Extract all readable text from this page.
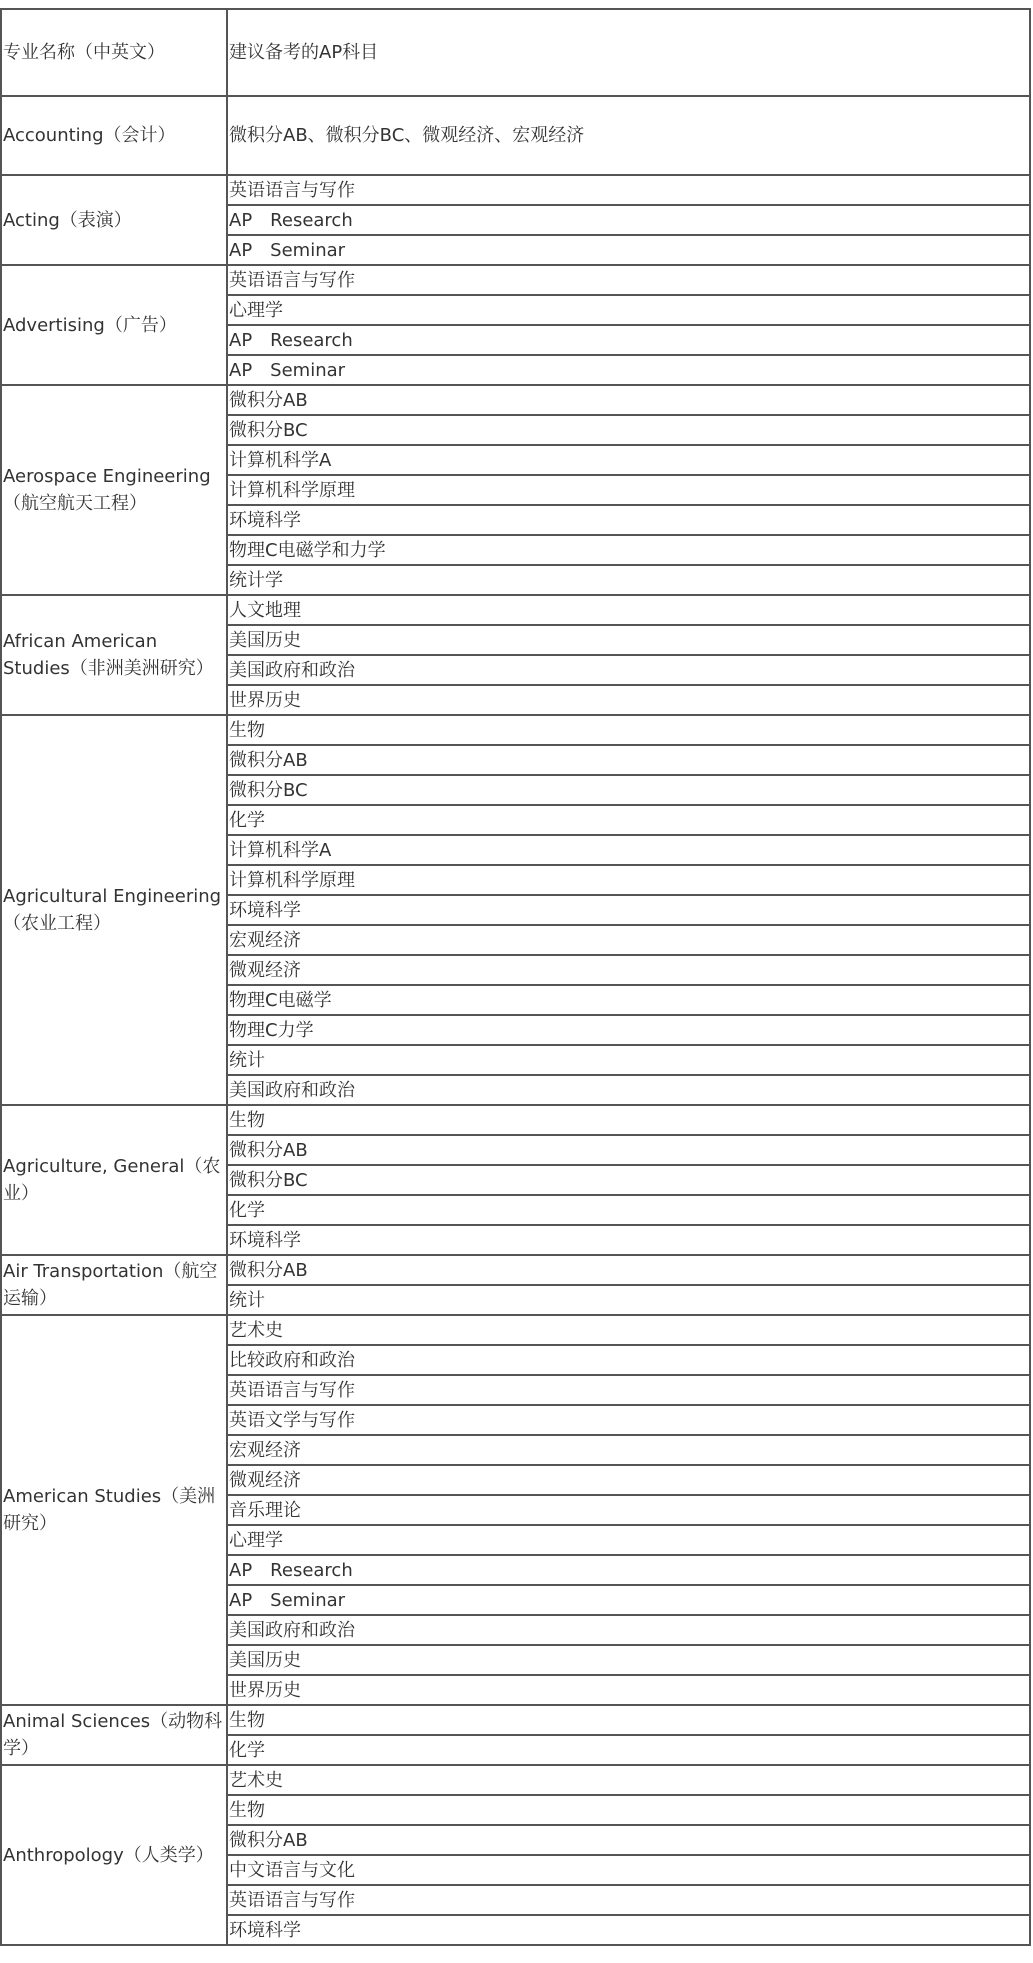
专业名称（中英文）	建议备考的AP科目
Accounting（会计）	微积分AB、微积分BC、微观经济、宏观经济
Acting（表演）	英语语言与写作
	AP　Research
	AP　Seminar
Advertising（广告）	英语语言与写作
	心理学
	AP　Research
	AP　Seminar
Aerospace Engineering（航空航天工程）	微积分AB
	微积分BC
	计算机科学A
	计算机科学原理
	环境科学
	物理C电磁学和力学
	统计学
African American Studies（非洲美洲研究）	人文地理
	美国历史
	美国政府和政治
	世界历史
Agricultural Engineering（农业工程）	生物
	微积分AB
	微积分BC
	化学
	计算机科学A
	计算机科学原理
	环境科学
	宏观经济
	微观经济
	物理C电磁学
	物理C力学
	统计
	美国政府和政治
Agriculture, General（农业）	生物
	微积分AB
	微积分BC
	化学
	环境科学
Air Transportation（航空运输）	微积分AB
	统计
American Studies（美洲研究）	艺术史
	比较政府和政治
	英语语言与写作
	英语文学与写作
	宏观经济
	微观经济
	音乐理论
	心理学
	AP　Research
	AP　Seminar
	美国政府和政治
	美国历史
	世界历史
Animal Sciences（动物科学）	生物
	化学
Anthropology（人类学）	艺术史
	生物
	微积分AB
	中文语言与文化
	英语语言与写作
	环境科学
